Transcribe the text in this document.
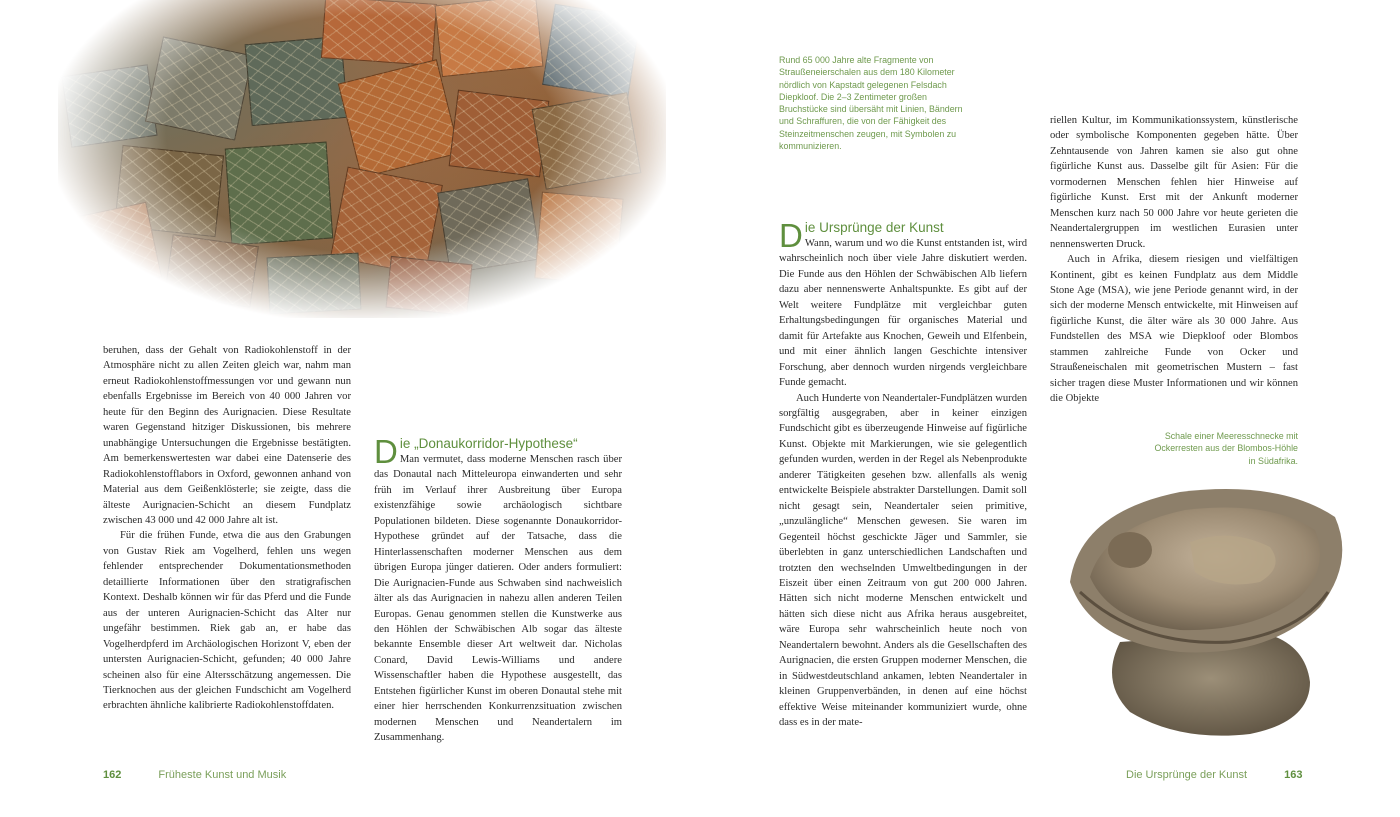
beruhen, dass der Gehalt von Radiokohlenstoff in der Atmosphäre nicht zu allen Zeiten gleich war, nahm man erneut Radiokohlenstoffmessungen vor und gewann nun ebenfalls Ergebnisse im Bereich von 40 000 Jahren vor heute für den Beginn des Aurignacien. Diese Resultate waren Gegenstand hitziger Diskussionen, bis mehrere unabhängige Untersuchungen die Ergebnisse bestätigten. Am bemerkenswertesten war dabei eine Datenserie des Radiokohlenstofflabors in Oxford, gewonnen anhand von Material aus dem Geißenklösterle; sie zeigte, dass die älteste Aurignacien-Schicht an diesem Fundplatz zwischen 43 000 und 42 000 Jahre alt ist.

Für die frühen Funde, etwa die aus den Grabungen von Gustav Riek am Vogelherd, fehlen uns wegen fehlender entsprechender Dokumentationsmethoden detaillierte Informationen über den stratigrafischen Kontext. Deshalb können wir für das Pferd und die Funde aus der unteren Aurignacien-Schicht das Alter nur ungefähr bestimmen. Riek gab an, er habe das Vogelherdpferd im Archäologischen Horizont V, eben der untersten Aurignacien-Schicht, gefunden; 40 000 Jahre scheinen also für eine Altersschätzung angemessen. Die Tierknochen aus der gleichen Fundschicht am Vogelherd erbrachten ähnliche kalibrierte Radiokohlenstoffdaten.

Die „Donaukorridor-Hypothese“

Man vermutet, dass moderne Menschen rasch über das Donautal nach Mitteleuropa einwanderten und sehr früh im Verlauf ihrer Ausbreitung über Europa existenzfähige sowie archäologisch sichtbare Populationen bildeten. Diese sogenannte Donaukorridor-Hypothese gründet auf der Tatsache, dass die Hinterlassenschaften moderner Menschen aus dem übrigen Europa jünger datieren. Oder anders formuliert: Die Aurignacien-Funde aus Schwaben sind nachweislich älter als das Aurignacien in nahezu allen anderen Teilen Europas. Genau genommen stellen die Kunstwerke aus den Höhlen der Schwäbischen Alb sogar das älteste bekannte Ensemble dieser Art weltweit dar. Nicholas Conard, David Lewis-Williams und andere Wissenschaftler haben die Hypothese ausgestellt, das Entstehen figürlicher Kunst im oberen Donautal stehe mit einer hier herrschenden Konkurrenzsituation zwischen modernen Menschen und Neandertalern im Zusammenhang.

162	Früheste Kunst und Musik
Rund 65 000 Jahre alte Fragmente von Straußeneierschalen aus dem 180 Kilometer nördlich von Kapstadt gelegenen Felsdach Diepkloof. Die 2–3 Zentimeter großen Bruchstücke sind übersäht mit Linien, Bändern und Schraffuren, die von der Fähigkeit des Steinzeitmenschen zeugen, mit Symbolen zu kommunizieren.
Die Ursprünge der Kunst

Wann, warum und wo die Kunst entstanden ist, wird wahrscheinlich noch über viele Jahre diskutiert werden. Die Funde aus den Höhlen der Schwäbischen Alb liefern dazu aber nennenswerte Anhaltspunkte. Es gibt auf der Welt weitere Fundplätze mit vergleichbar guten Erhaltungsbedingungen für organisches Material und damit für Artefakte aus Knochen, Geweih und Elfenbein, und mit einer ähnlich langen Geschichte intensiver Forschung, aber dennoch wurden nirgends vergleichbare Funde gemacht.

Auch Hunderte von Neandertaler-Fundplätzen wurden sorgfältig ausgegraben, aber in keiner einzigen Fundschicht gibt es überzeugende Hinweise auf figürliche Kunst. Objekte mit Markierungen, wie sie gelegentlich gefunden wurden, werden in der Regel als Nebenprodukte anderer Tätigkeiten gesehen bzw. allenfalls als wenig entwickelte Beispiele abstrakter Darstellungen. Damit soll nicht gesagt sein, Neandertaler seien primitive, „unzulängliche“ Menschen gewesen. Sie waren im Gegenteil höchst geschickte Jäger und Sammler, sie überlebten in ganz unterschiedlichen Landschaften und trotzten den wechselnden Umweltbedingungen in der Eiszeit über einen Zeitraum von gut 200 000 Jahren. Hätten sich nicht moderne Menschen entwickelt und hätten sich diese nicht aus Afrika heraus ausgebreitet, wäre Europa sehr wahrscheinlich heute noch von Neandertalern bewohnt. Anders als die Gesellschaften des Aurignacien, die ersten Gruppen moderner Menschen, die in Südwestdeutschland ankamen, lebten Neandertaler in kleinen Gruppenverbänden, in denen auf eine höchst effektive Weise miteinander kommuniziert wurde, ohne dass es in der mate-

riellen Kultur, im Kommunikationssystem, künstlerische oder symbolische Komponenten gegeben hätte. Über Zehntausende von Jahren kamen sie also gut ohne figürliche Kunst aus. Dasselbe gilt für Asien: Für die vormodernen Menschen fehlen hier Hinweise auf figürliche Kunst. Erst mit der Ankunft moderner Menschen kurz nach 50 000 Jahre vor heute gerieten die Neandertalergruppen im westlichen Eurasien unter nennenswerten Druck.

Auch in Afrika, diesem riesigen und vielfältigen Kontinent, gibt es keinen Fundplatz aus dem Middle Stone Age (MSA), wie jene Periode genannt wird, in der sich der moderne Mensch entwickelte, mit Hinweisen auf figürliche Kunst, die älter wäre als 30 000 Jahre. Aus Fundstellen des MSA wie Diepkloof oder Blombos stammen zahlreiche Funde von Ocker und Straußeneischalen mit geometrischen Mustern – fast sicher tragen diese Muster Informationen und wir können die Objekte

Schale einer Meeresschnecke mit Ockerresten aus der Blombos-Höhle in Südafrika.
Die Ursprünge der Kunst	163
